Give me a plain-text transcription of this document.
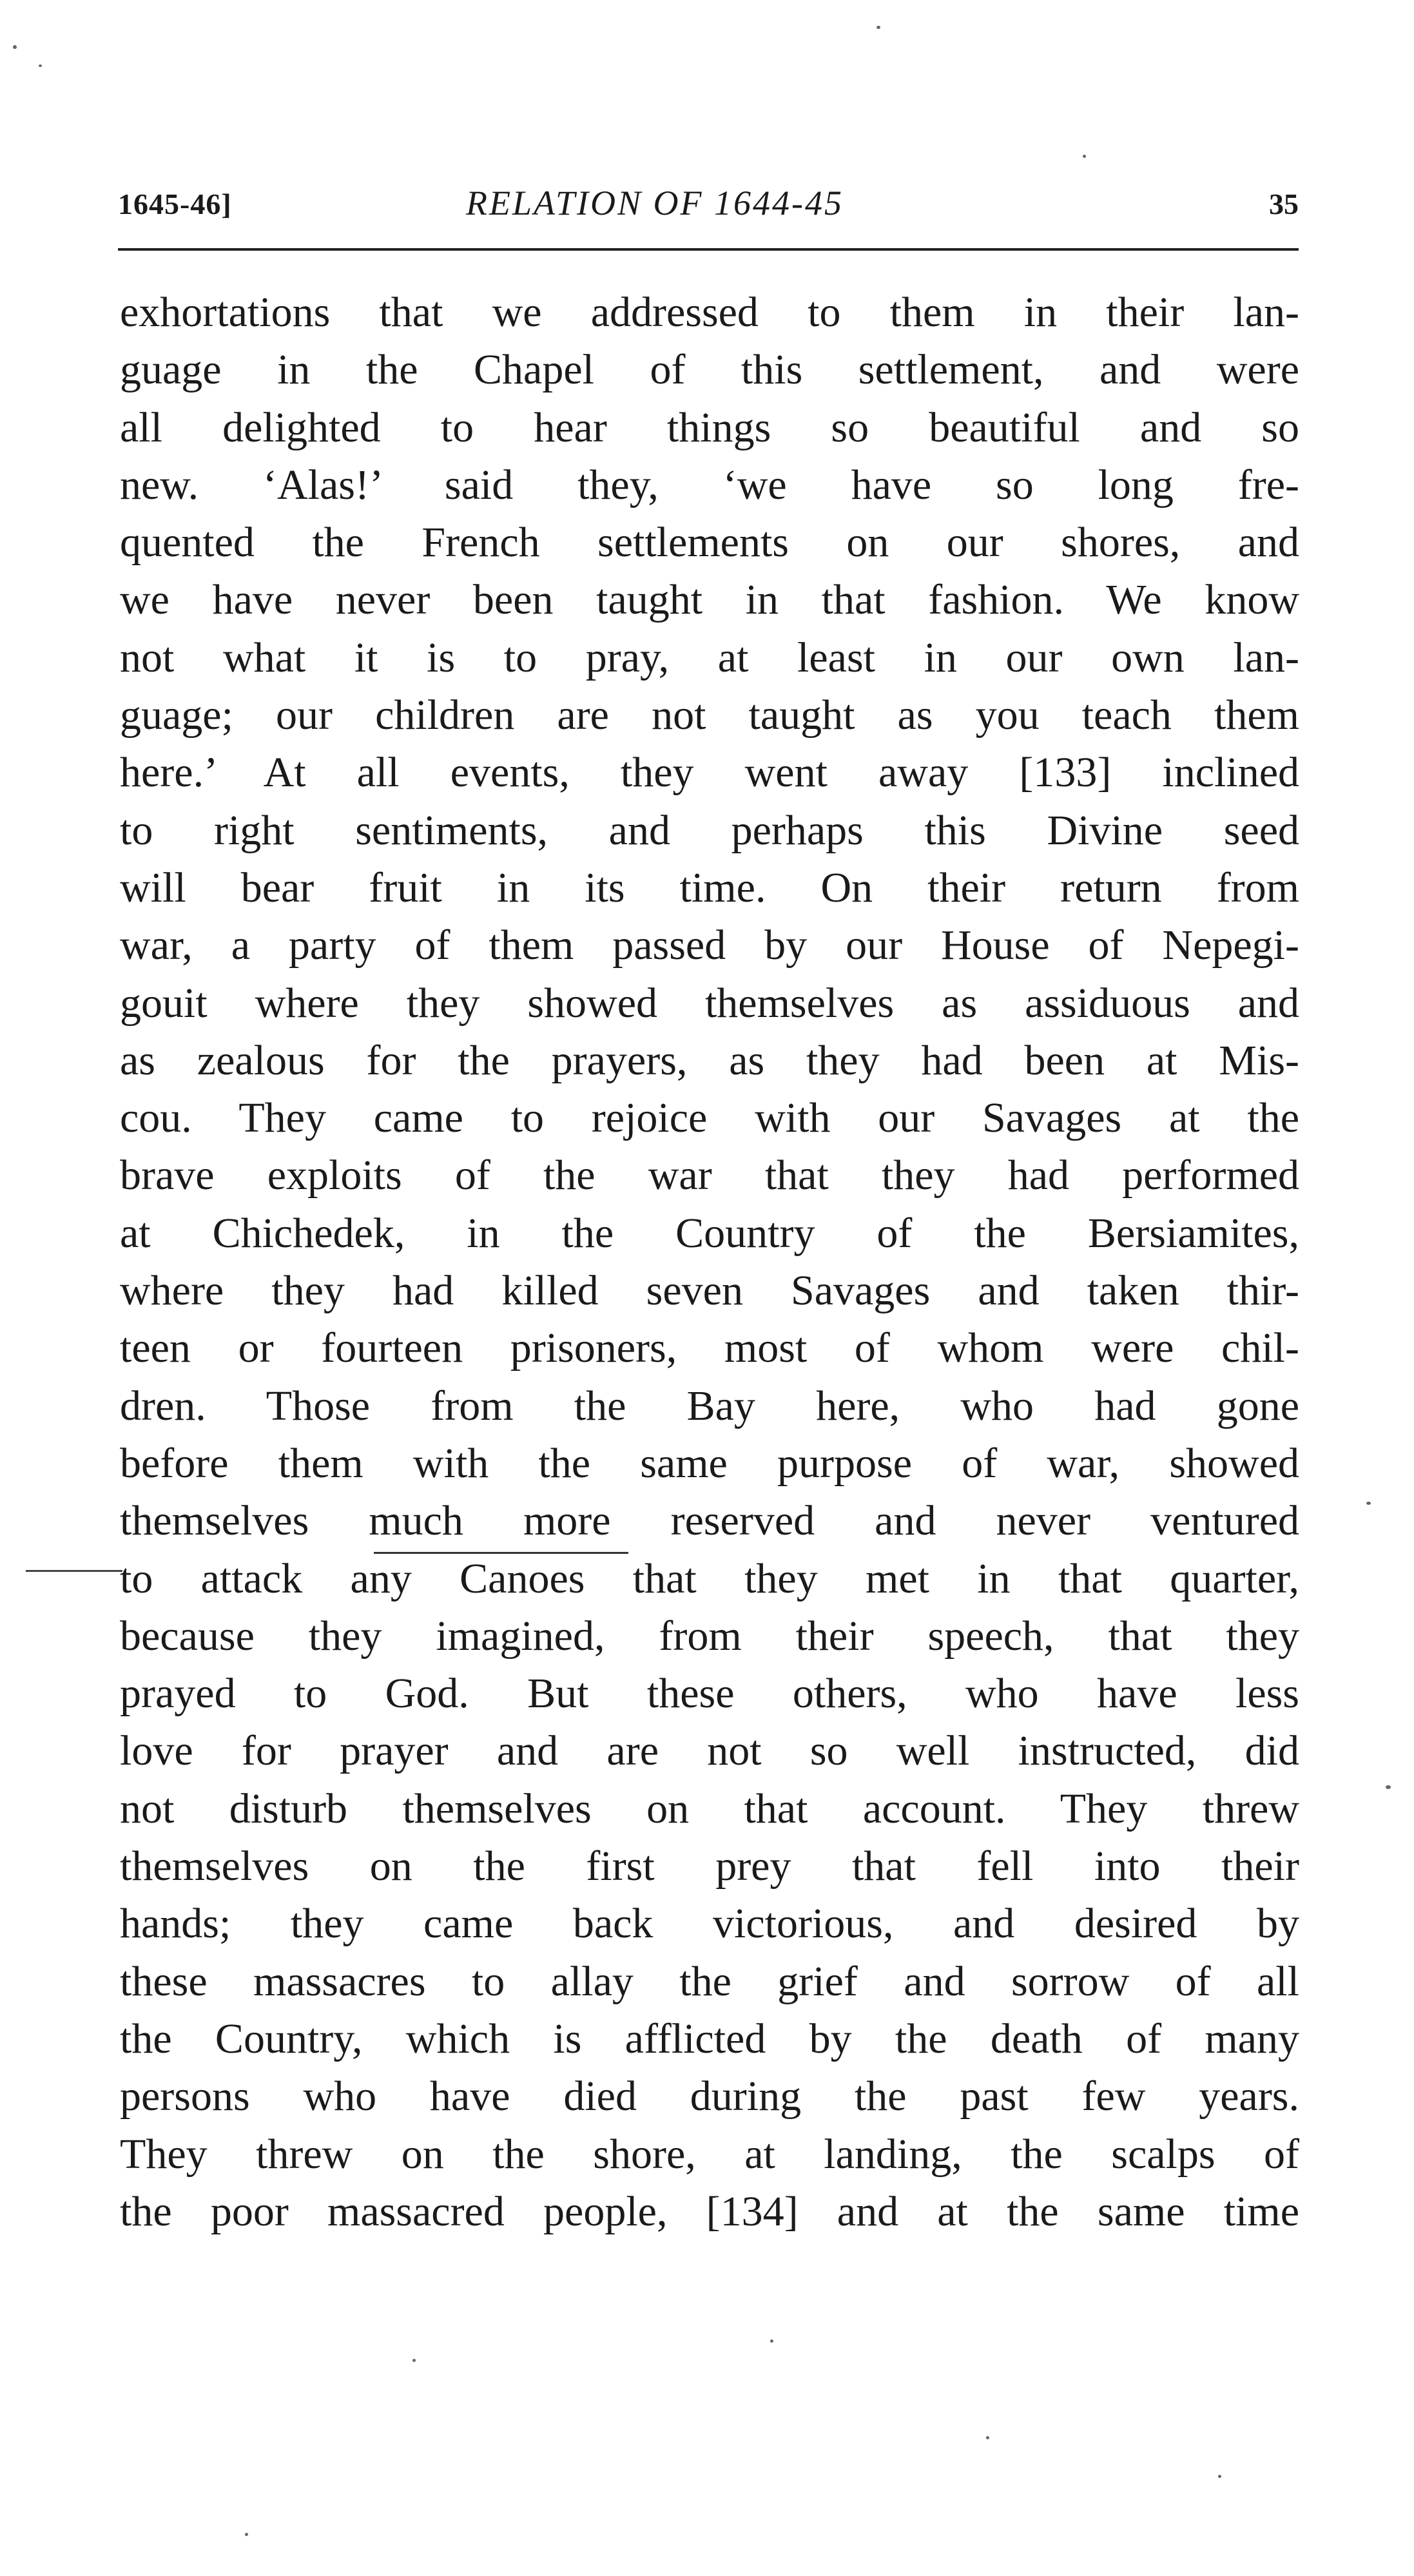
1645-46]	RELATION OF 1644-45	35
exhortations that we addressed to them in their lan-
guage in the Chapel of this settlement, and were
all delighted to hear things so beautiful and so
new. ‘Alas!’ said they, ‘we have so long fre-
quented the French settlements on our shores, and
we have never been taught in that fashion. We know
not what it is to pray, at least in our own lan-
guage; our children are not taught as you teach them
here.’ At all events, they went away [133] inclined
to right sentiments, and perhaps this Divine seed
will bear fruit in its time. On their return from
war, a party of them passed by our House of Nepegi-
gouit where they showed themselves as assiduous and
as zealous for the prayers, as they had been at Mis-
cou. They came to rejoice with our Savages at the
brave exploits of the war that they had performed
at Chichedek, in the Country of the Bersiamites,
where they had killed seven Savages and taken thir-
teen or fourteen prisoners, most of whom were chil-
dren. Those from the Bay here, who had gone
before them with the same purpose of war, showed
themselves much more reserved and never ventured
to attack any Canoes that they met in that quarter,
because they imagined, from their speech, that they
prayed to God. But these others, who have less
love for prayer and are not so well instructed, did
not disturb themselves on that account. They threw
themselves on the first prey that fell into their
hands; they came back victorious, and desired by
these massacres to allay the grief and sorrow of all
the Country, which is afflicted by the death of many
persons who have died during the past few years.
They threw on the shore, at landing, the scalps of
the poor massacred people, [134] and at the same time
